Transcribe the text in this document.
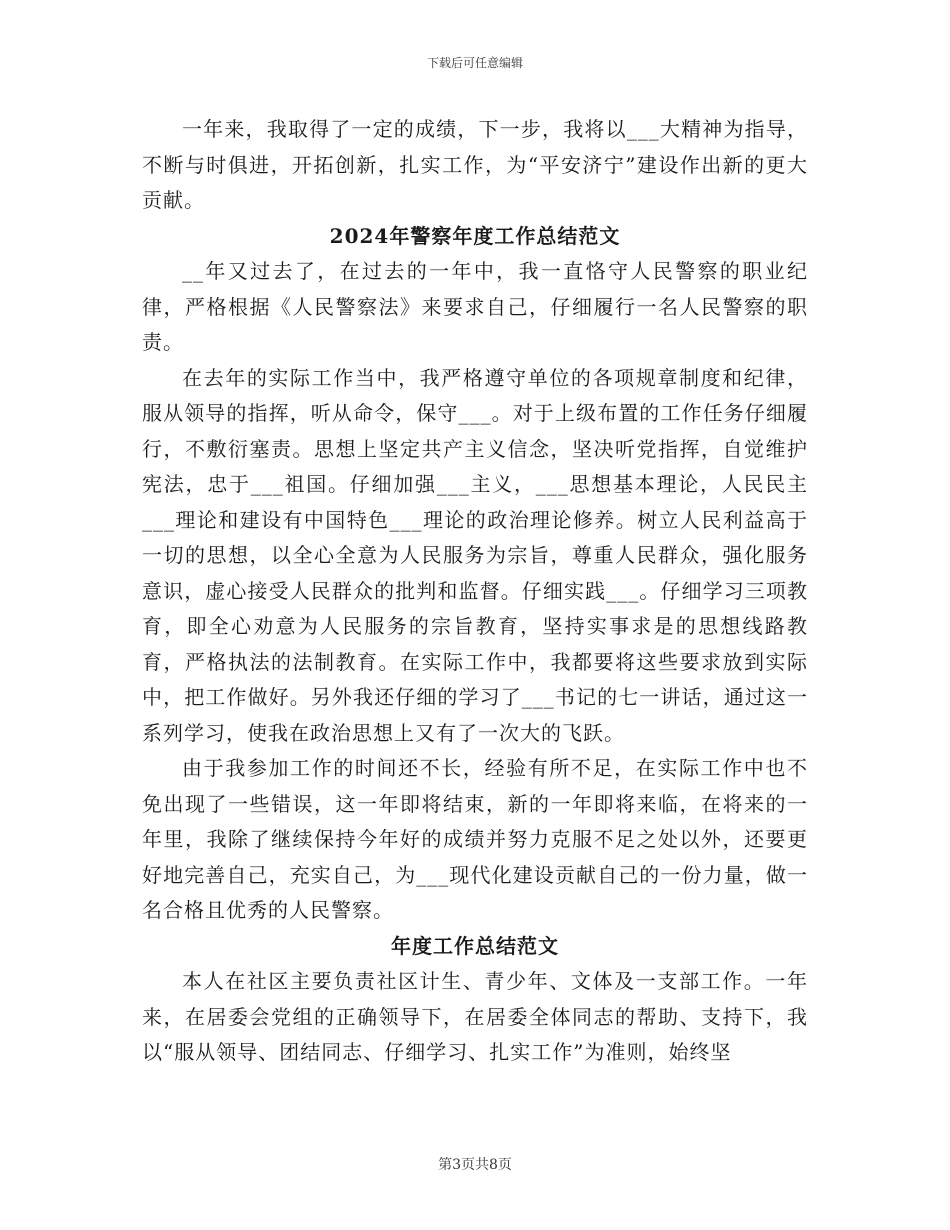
下载后可任意编辑

一年来，我取得了一定的成绩，下一步，我将以___大精神为指导，不断与时俱进，开拓创新，扎实工作，为“平安济宁”建设作出新的更大贡献。

2024年警察年度工作总结范文

__年又过去了，在过去的一年中，我一直恪守人民警察的职业纪律，严格根据《人民警察法》来要求自己，仔细履行一名人民警察的职责。

在去年的实际工作当中，我严格遵守单位的各项规章制度和纪律，服从领导的指挥，听从命令，保守___。对于上级布置的工作任务仔细履行，不敷衍塞责。思想上坚定共产主义信念，坚决听党指挥，自觉维护宪法，忠于___祖国。仔细加强___主义，___思想基本理论，人民民主___理论和建设有中国特色___理论的政治理论修养。树立人民利益高于一切的思想，以全心全意为人民服务为宗旨，尊重人民群众，强化服务意识，虚心接受人民群众的批判和监督。仔细实践___。仔细学习三项教育，即全心劝意为人民服务的宗旨教育，坚持实事求是的思想线路教育，严格执法的法制教育。在实际工作中，我都要将这些要求放到实际中，把工作做好。另外我还仔细的学习了___书记的七一讲话，通过这一系列学习，使我在政治思想上又有了一次大的飞跃。

由于我参加工作的时间还不长，经验有所不足，在实际工作中也不免出现了一些错误，这一年即将结束，新的一年即将来临，在将来的一年里，我除了继续保持今年好的成绩并努力克服不足之处以外，还要更好地完善自己，充实自己，为___现代化建设贡献自己的一份力量，做一名合格且优秀的人民警察。

年度工作总结范文

本人在社区主要负责社区计生、青少年、文体及一支部工作。一年来，在居委会党组的正确领导下，在居委全体同志的帮助、支持下，我以“服从领导、团结同志、仔细学习、扎实工作”为准则，始终坚

第3页共8页
